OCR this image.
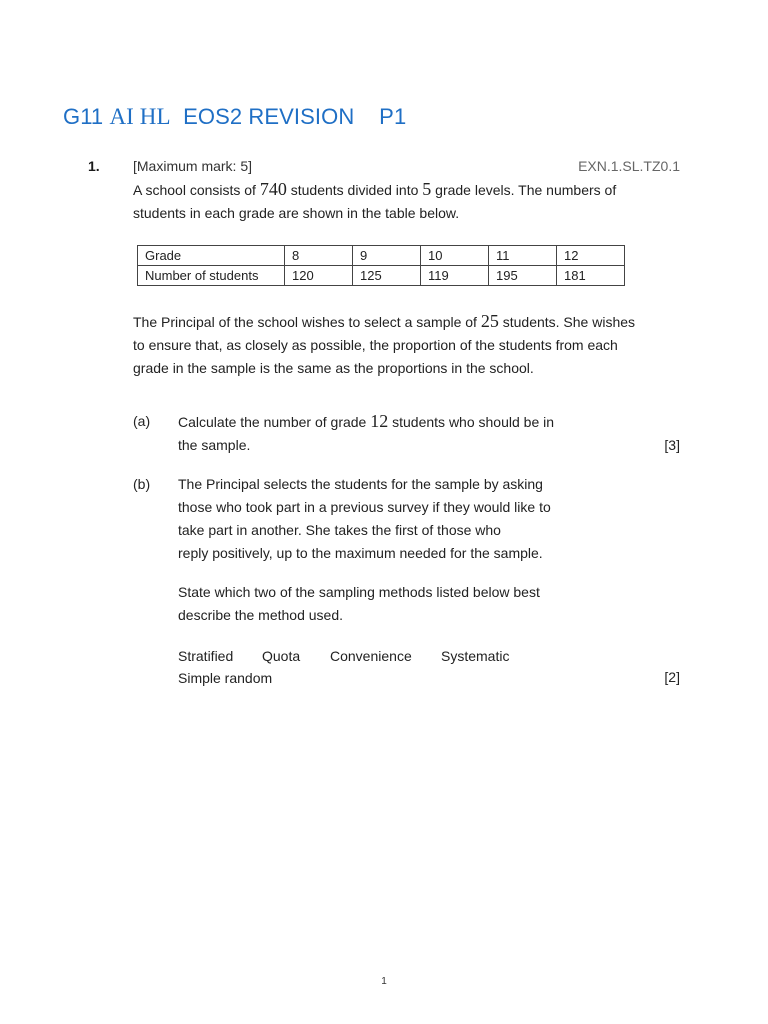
G11 AI HL  EOS2 REVISION    P1
1. [Maximum mark: 5]	EXN.1.SL.TZ0.1
A school consists of 740 students divided into 5 grade levels. The numbers of
students in each grade are shown in the table below.
Grade	8	9	10	11	12
Number of students	120	125	119	195	181
The Principal of the school wishes to select a sample of 25 students. She wishes
to ensure that, as closely as possible, the proportion of the students from each
grade in the sample is the same as the proportions in the school.
(a) Calculate the number of grade 12 students who should be in
the sample.	[3]
(b) The Principal selects the students for the sample by asking
those who took part in a previous survey if they would like to
take part in another. She takes the first of those who
reply positively, up to the maximum needed for the sample.
State which two of the sampling methods listed below best
describe the method used.
Stratified Quota Convenience Systematic
Simple random	[2]
1
